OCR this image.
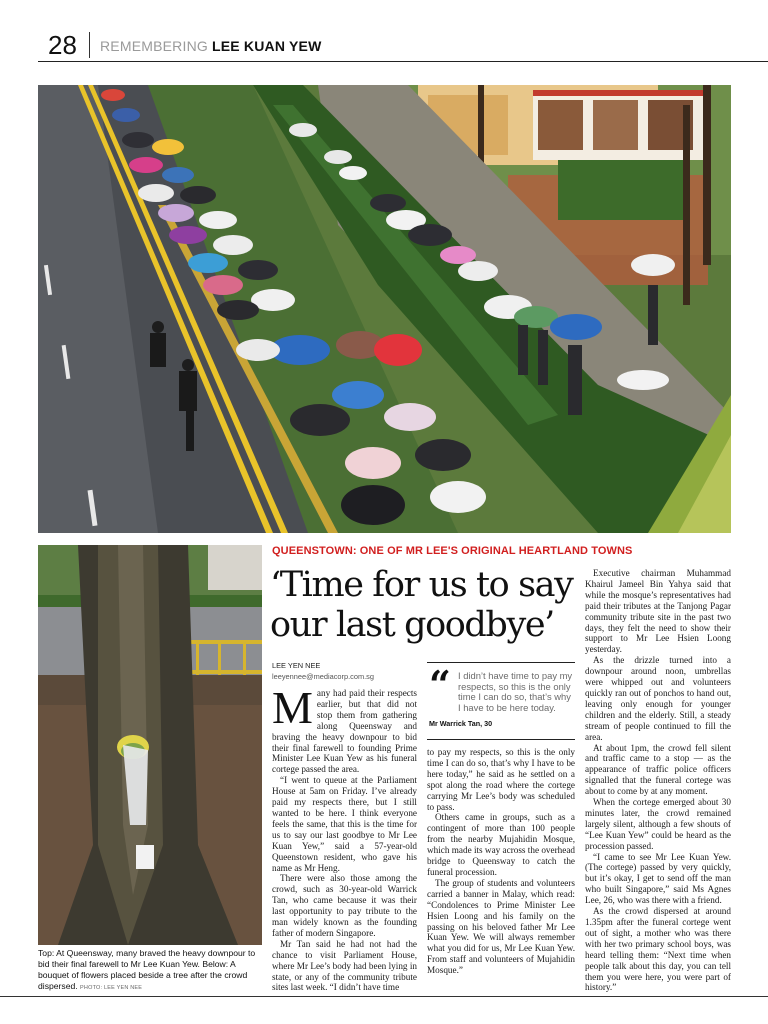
28 REMEMBERING LEE KUAN YEW
Top: At Queensway, many braved the heavy downpour to bid their final farewell to Mr Lee Kuan Yew. Below: A bouquet of flowers placed beside a tree after the crowd dispersed. PHOTO: LEE YEN NEE
QUEENSTOWN: ONE OF MR LEE'S ORIGINAL HEARTLAND TOWNS
‘Time for us to say our last goodbye’
LEE YEN NEE
leeyennee@mediacorp.com.sg

Many had paid their respects earlier, but that did not stop them from gathering along Queensway and braving the heavy downpour to bid their final farewell to founding Prime Minister Lee Kuan Yew as his funeral cortege passed the area.

“I went to queue at the Parliament House at 5am on Friday. I’ve already paid my respects there, but I still wanted to be here. I think everyone feels the same, that this is the time for us to say our last goodbye to Mr Lee Kuan Yew,” said a 57-year-old Queenstown resident, who gave his name as Mr Heng.

There were also those among the crowd, such as 30-year-old Warrick Tan, who came because it was their last opportunity to pay tribute to the man widely known as the founding father of modern Singapore.

Mr Tan said he had not had the chance to visit Parliament House, where Mr Lee’s body had been lying in state, or any of the community tribute sites last week. “I didn’t have time

“ I didn’t have time to pay my respects, so this is the only time I can do so, that’s why I have to be here today.
Mr Warrick Tan, 30

to pay my respects, so this is the only time I can do so, that’s why I have to be here today,” he said as he settled on a spot along the road where the cortege carrying Mr Lee’s body was scheduled to pass.

Others came in groups, such as a contingent of more than 100 people from the nearby Mujahidin Mosque, which made its way across the overhead bridge to Queensway to catch the funeral procession.

The group of students and volunteers carried a banner in Malay, which read: “Condolences to Prime Minister Lee Hsien Loong and his family on the passing on his beloved father Mr Lee Kuan Yew. We will always remember what you did for us, Mr Lee Kuan Yew. From staff and volunteers of Mujahidin Mosque.”

Executive chairman Muhammad Khairul Jameel Bin Yahya said that while the mosque’s representatives had paid their tributes at the Tanjong Pagar community tribute site in the past two days, they felt the need to show their support to Mr Lee Hsien Loong yesterday.

As the drizzle turned into a downpour around noon, umbrellas were whipped out and volunteers quickly ran out of ponchos to hand out, leaving only enough for younger children and the elderly. Still, a steady stream of people continued to fill the area.

At about 1pm, the crowd fell silent and traffic came to a stop — as the appearance of traffic police officers signalled that the funeral cortege was about to come by at any moment.

When the cortege emerged about 30 minutes later, the crowd remained largely silent, although a few shouts of “Lee Kuan Yew” could be heard as the procession passed.

“I came to see Mr Lee Kuan Yew. (The cortege) passed by very quickly, but it’s okay, I get to send off the man who built Singapore,” said Ms Agnes Lee, 26, who was there with a friend.

As the crowd dispersed at around 1.35pm after the funeral cortege went out of sight, a mother who was there with her two primary school boys, was heard telling them: “Next time when people talk about this day, you can tell them you were here, you were part of history.”
